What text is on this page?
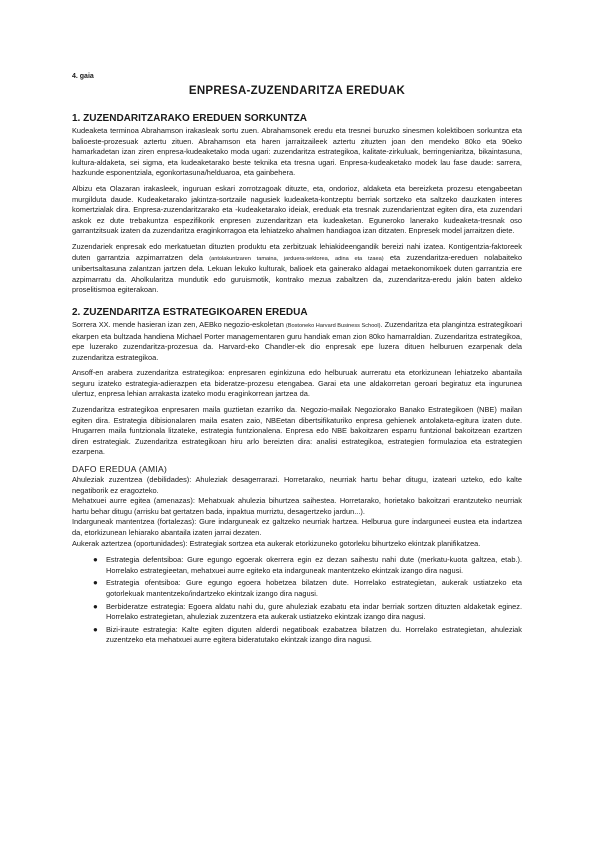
4. gaia
ENPRESA-ZUZENDARITZA EREDUAK
1. ZUZENDARITZARAKO EREDUEN SORKUNTZA

Kudeaketa terminoa Abrahamson irakasleak sortu zuen. Abrahamsonek eredu eta tresnei buruzko sinesmen kolektiboen sorkuntza eta balioeste-prozesuak aztertu zituen. Abrahamson eta haren jarraitzaileek aztertu zituzten joan den mendeko 80ko eta 90eko hamarkadetan izan ziren enpresa-kudeaketako moda ugari: zuzendaritza estrategikoa, kalitate-zirkuluak, berringeniaritza, bikaintasuna, kultura-aldaketa, sei sigma, eta kudeaketarako beste teknika eta tresna ugari. Enpresa-kudeaketako modek lau fase daude: sarrera, hazkunde esponentziala, egonkortasuna/helduaroa, eta gainbehera.

Albizu eta Olazaran irakasleek, inguruan eskari zorrotzagoak dituzte, eta, ondorioz, aldaketa eta bereizketa prozesu etengabeetan murgilduta daude. Kudeaketarako jakintza-sortzaile nagusiek kudeaketa-kontzeptu berriak sortzeko eta saltzeko dauzkaten interes komertzialak dira. Enpresa-zuzendaritzarako eta -kudeaketarako ideiak, ereduak eta tresnak zuzendarientzat egiten dira, eta zuzendari askok ez dute trebakuntza espezifikorik enpresen zuzendaritzan eta kudeaketan. Eguneroko lanerako kudeaketa-tresnak oso garrantzitsuak izaten da zuzendaritza eraginkorragoa eta lehiatzeko ahalmen handiagoa izan ditzaten. Enpresek model jarraitzen diete.

Zuzendariek enpresak edo merkatuetan dituzten produktu eta zerbitzuak lehiakideengandik bereizi nahi izatea. Kontigentzia-faktoreek duten garrantzia azpimarratzen dela (antolakuntzaren tamaina, jarduera-sektorea, adina eta tzaea) eta zuzendaritza-ereduen nolabaiteko unibertsaltasuna zalantzan jartzen dela. Lekuan lekuko kulturak, balioek eta gainerako aldagai metaekonomikoek duten garrantzia ere azpimarratu da. Aholkularitza mundutik edo guruismotik, kontrako mezua zabaltzen da, zuzendaritza-eredu jakin baten aldeko proselitismoa egiterakoan.

2. ZUZENDARITZA ESTRATEGIKOAREN EREDUA

Sorrera XX. mende hasieran izan zen, AEBko negozio-eskoletan (Bostoneko Harvard Business School). Zuzendaritza eta plangintza estrategikoari ekarpen eta bultzada handiena Michael Porter managementaren guru handiak eman zion 80ko hamarraldian. Zuzendaritza estrategikoa, epe luzerako zuzendaritza-prozesua da. Harvard-eko Chandler-ek dio enpresak epe luzera dituen helburuen ezarpenak dela zuzendaritza estrategikoa.

Ansoff-en arabera zuzendaritza estrategikoa: enpresaren eginkizuna edo helburuak aurreratu eta etorkizunean lehiatzeko abantaila seguru izateko estrategia-adierazpen eta bideratze-prozesu etengabea. Garai eta une aldakorretan geroari begiratuz eta ingurunea ulertuz, enpresa lehian arrakasta izateko modu eraginkorrean jartzea da.

Zuzendaritza estrategikoa enpresaren maila guztietan ezarriko da. Negozio-mailak Negoziorako Banako Estrategikoen (NBE) mailan egiten dira. Estrategia dibisionalaren maila esaten zaio, NBEetan dibertsifikaturiko enpresa gehienek antolaketa-egitura izaten dute. Hrugarren maila funtzionala litzateke, estrategia funtzionalena. Enpresa edo NBE bakoitzaren esparru funtzional bakoitzean ezartzen diren estrategiak. Zuzendaritza estrategikoan hiru arlo bereizten dira: analisi estrategikoa, estrategien formulazioa eta estrategien ezarpena.

DAFO EREDUA (AMIA)

Ahuleziak zuzentzea (debilidades): Ahuleziak desagerrarazi. Horretarako, neurriak hartu behar ditugu, izateari uzteko, edo kalte negatiborik ez eragozteko.

Mehatxuei aurre egitea (amenazas): Mehatxuak ahulezia bihurtzea saihestea. Horretarako, horietako bakoitzari erantzuteko neurriak hartu behar ditugu (arrisku bat gertatzen bada, inpaktua murriztu, desagertzeko jardun...).

Indarguneak mantentzea (fortalezas): Gure indarguneak ez galtzeko neurriak hartzea. Helburua gure indarguneei eustea eta indartzea da, etorkizunean lehiarako abantaila izaten jarrai dezaten.

Aukerak aztertzea (oportunidades): Estrategiak sortzea eta aukerak etorkizuneko gotorleku bihurtzeko ekintzak planifikatzea.

● Estrategia defentsiboa: Gure egungo egoerak okerrera egin ez dezan saihestu nahi dute (merkatu-kuota galtzea, etab.). Horrelako estrategieetan, mehatxuei aurre egiteko eta indarguneak mantentzeko ekintzak izango dira nagusi.
● Estrategia ofentsiboa: Gure egungo egoera hobetzea bilatzen dute. Horrelako estrategietan, aukerak ustiatzeko eta gotorlekuak mantentzeko/indartzeko ekintzak izango dira nagusi.
● Berbideratze estrategia: Egoera aldatu nahi du, gure ahuleziak ezabatu eta indar berriak sortzen dituzten aldaketak eginez. Horrelako estrategietan, ahuleziak zuzentzera eta aukerak ustiatzeko ekintzak izango dira nagusi.
● Bizi-iraute estrategia: Kalte egiten diguten alderdi negatiboak ezabatzea bilatzen du. Horrelako estrategietan, ahuleziak zuzentzeko eta mehatxuei aurre egitera bideratutako ekintzak izango dira nagusi.
